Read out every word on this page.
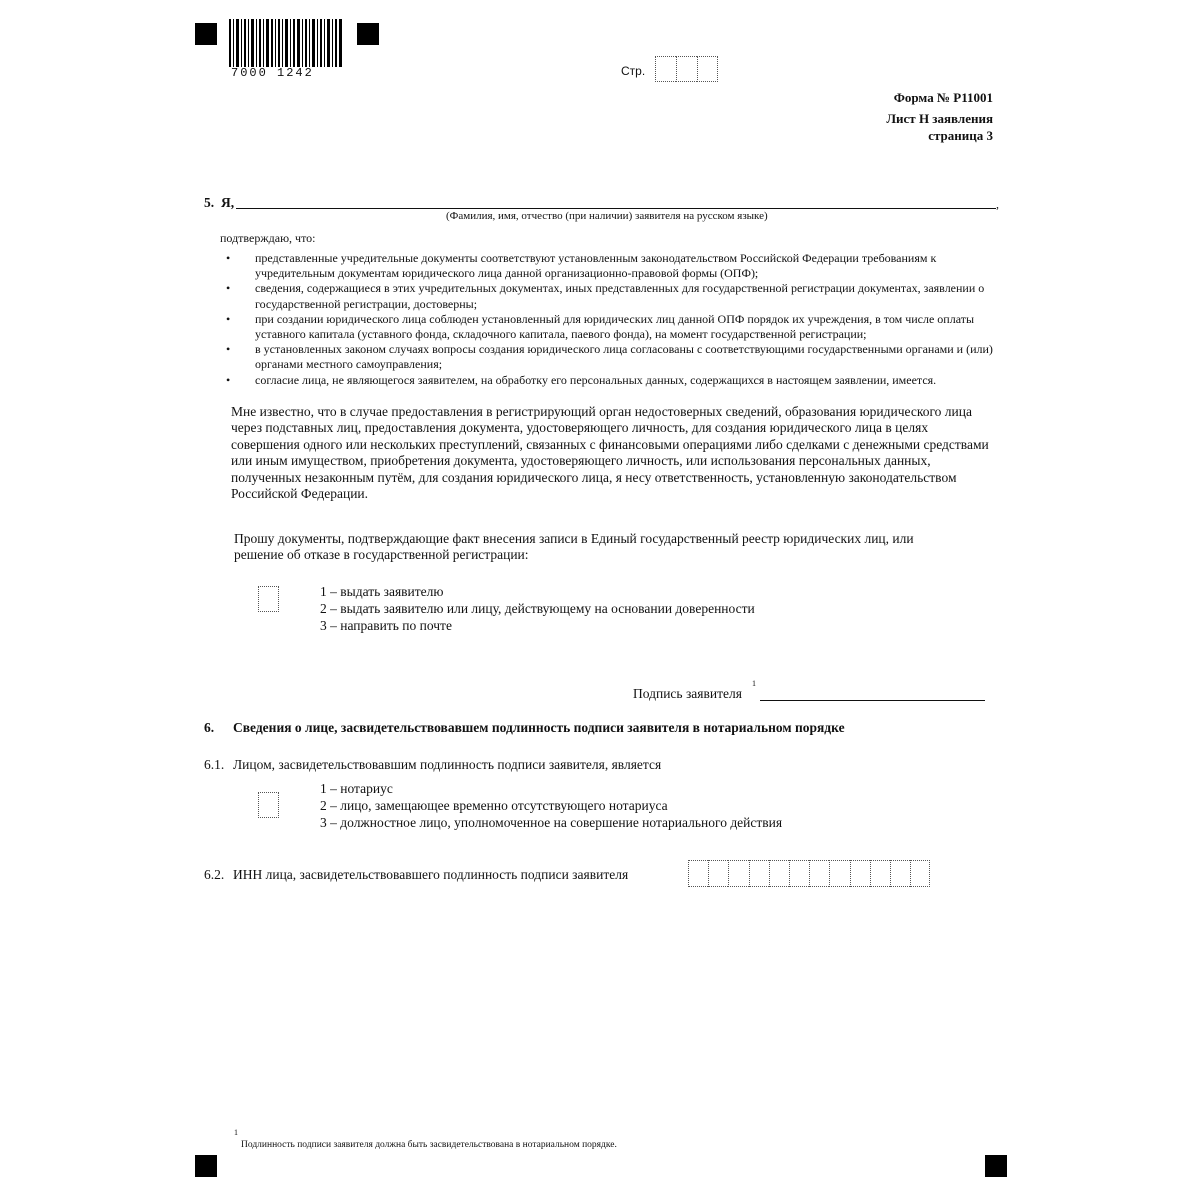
7000 1242	Стр.
Форма № Р11001
Лист Н заявления
страница 3
5. Я,	,
(Фамилия, имя, отчество (при наличии) заявителя на русском языке)
подтверждаю, что:
• представленные учредительные документы соответствуют установленным законодательством Российской Федерации требованиям к учредительным документам юридического лица данной организационно-правовой формы (ОПФ);
• сведения, содержащиеся в этих учредительных документах, иных представленных для государственной регистрации документах, заявлении о государственной регистрации, достоверны;
• при создании юридического лица соблюден установленный для юридических лиц данной ОПФ порядок их учреждения, в том числе оплаты уставного капитала (уставного фонда, складочного капитала, паевого фонда), на момент государственной регистрации;
• в установленных законом случаях вопросы создания юридического лица согласованы с соответствующими государственными органами и (или) органами местного самоуправления;
• согласие лица, не являющегося заявителем, на обработку его персональных данных, содержащихся в настоящем заявлении, имеется.
Мне известно, что в случае предоставления в регистрирующий орган недостоверных сведений, образования юридического лица через подставных лиц, предоставления документа, удостоверяющего личность, для создания юридического лица в целях совершения одного или нескольких преступлений, связанных с финансовыми операциями либо сделками с денежными средствами или иным имуществом, приобретения документа, удостоверяющего личность, или использования персональных данных, полученных незаконным путём, для создания юридического лица, я несу ответственность, установленную законодательством Российской Федерации.
Прошу документы, подтверждающие факт внесения записи в Единый государственный реестр юридических лиц, или решение об отказе в государственной регистрации:
1 – выдать заявителю
2 – выдать заявителю или лицу, действующему на основании доверенности
3 – направить по почте
Подпись заявителя
1
6. Сведения о лице, засвидетельствовавшем подлинность подписи заявителя в нотариальном порядке
6.1. Лицом, засвидетельствовавшим подлинность подписи заявителя, является
1 – нотариус
2 – лицо, замещающее временно отсутствующего нотариуса
3 – должностное лицо, уполномоченное на совершение нотариального действия
6.2. ИНН лица, засвидетельствовавшего подлинность подписи заявителя
1
Подлинность подписи заявителя должна быть засвидетельствована в нотариальном порядке.
